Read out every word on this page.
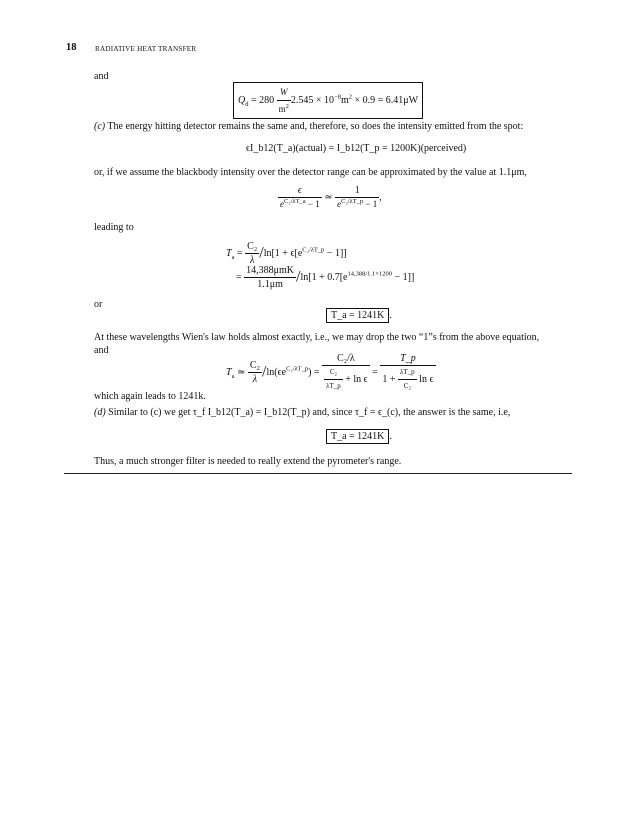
18	RADIATIVE HEAT TRANSFER
and
$Q_d = 280 \frac{W}{m^2} 2.545 \times 10^{-8}m^2 \times 0.9 = 6.41\mu W$
(c) The energy hitting detector remains the same and, therefore, so does the intensity emitted from the spot:
ϵI_b12(T_a)(actual) = I_b12(T_p = 1200K)(perceived)
or, if we assume the blackbody intensity over the detector range can be approximated by the value at 1.1μm,
$\frac{\epsilon}{e^{C_2/\lambda T\_a} - 1}$ ≃ $\frac{1}{e^{C_2/\lambda T\_p} - 1}$ ,
leading to
$T_a = \frac{\text{C₂}}{\lambda} /\ln[1 + \epsilon[e^{C_2/\lambda T\_p} - 1]]$
= $\frac{\text{14,388μmK}}{1.1\mu m} /\ln[1 + 0.7[e^{14,388/1.1\times 1200} - 1]]$
or
T_a = 1241K .
At these wavelengths Wien's law holds almost exactly, i.e., we may drop the two “1”s from the above equation,
and
$T_a$ ≃ $\frac{\text{C₂}}{\lambda} /\ln(\epsilon e^{C_2/\lambda T\_p}) = \frac{\text{C₂/λ}}{\frac{\text{C₂}}{\lambda T\_p} + \ln \epsilon} = \frac{T\_p}{1 + \frac{\lambda T\_p}{\text{C₂}} \ln \epsilon}$
which again leads to 1241k.
(d) Similar to (c) we get τ_f I_b12(T_a) = I_b12(T_p) and, since τ_f = ϵ_(c), the answer is the same, i.e,
T_a = 1241K .
Thus, a much stronger filter is needed to really extend the pyrometer's range.
